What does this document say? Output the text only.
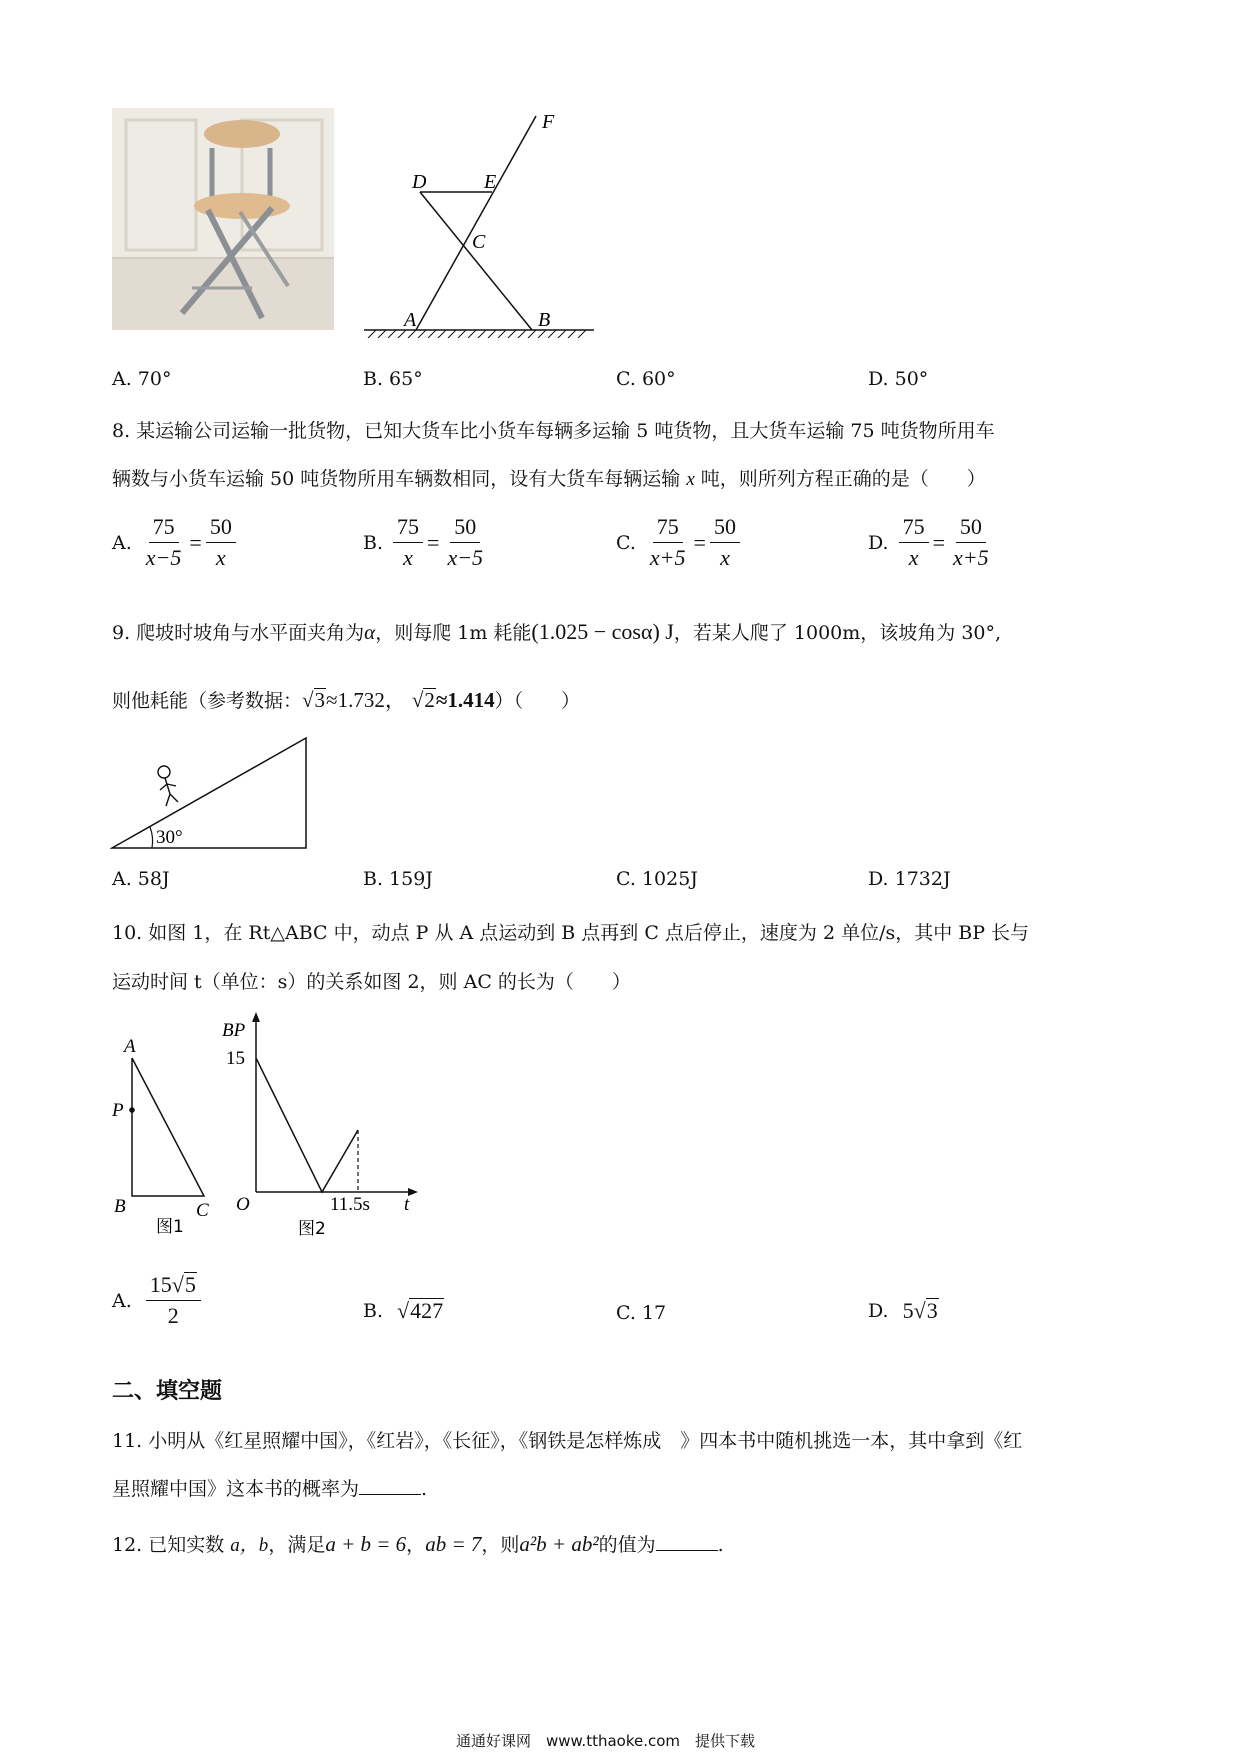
F
D	E
C
A	B
A. 70°	B. 65°	C. 60°	D. 50°
8. 某运输公司运输一批货物，已知大货车比小货车每辆多运输 5 吨货物，且大货车运输 75 吨货物所用车
辆数与小货车运输 50 吨货物所用车辆数相同，设有大货车每辆运输 x 吨，则所列方程正确的是（　　）
A. $\frac{75}{x-5} = \frac{50}{x}$	B. $\frac{75}{x} = \frac{50}{x-5}$	C. $\frac{75}{x+5} = \frac{50}{x}$	D. $\frac{75}{x} = \frac{50}{x+5}$
9. 爬坡时坡角与水平面夹角为α，则每爬 1m 耗能(1.025 − cosα) J，若某人爬了 1000m，该坡角为 30°,
则他耗能（参考数据：√3≈1.732， √2≈1.414）（　　）
30°
A. 58J	B. 159J	C. 1025J	D. 1732J
10. 如图 1，在 Rt△ABC 中，动点 P 从 A 点运动到 B 点再到 C 点后停止，速度为 2 单位/s，其中 BP 长与
运动时间 t（单位：s）的关系如图 2，则 AC 的长为（　　）
A
P
B	C
图1
BP
15
O	11.5s t
图2
A. $\frac{15√5}{2}$	B. √427	C. 17	D. 5√3
二、填空题
11. 小明从《红星照耀中国》，《红岩》，《长征》，《钢铁是怎样炼成　》四本书中随机挑选一本，其中拿到《红
星照耀中国》这本书的概率为	.
12. 已知实数 a，b，满足a + b = 6，ab = 7，则a²b + ab²的值为	.
通通好课网　www.tthaoke.com　提供下载
